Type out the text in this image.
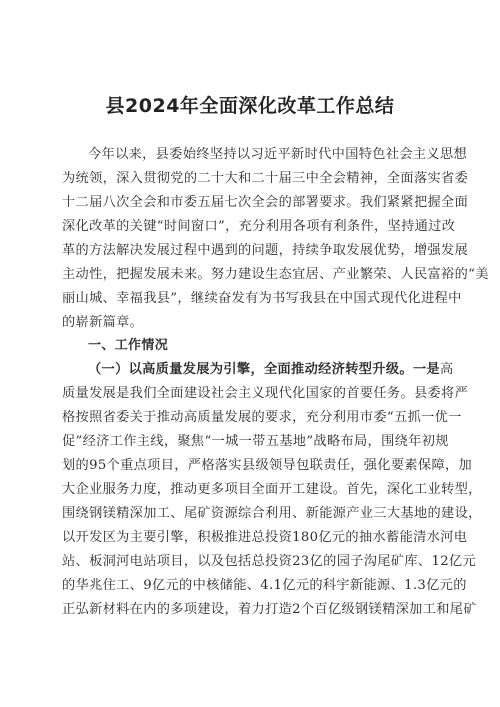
县2024年全面深化改革工作总结
今年以来，县委始终坚持以习近平新时代中国特色社会主义思想
为统领，深入贯彻党的二十大和二十届三中全会精神，全面落实省委
十二届八次全会和市委五届七次全会的部署要求。我们紧紧把握全面
深化改革的关键“时间窗口”，充分利用各项有利条件，坚持通过改
革的方法解决发展过程中遇到的问题，持续争取发展优势，增强发展
主动性，把握发展未来。努力建设生态宜居、产业繁荣、人民富裕的“美
丽山城、幸福我县”，继续奋发有为书写我县在中国式现代化进程中
的崭新篇章。
一、工作情况
（一）以高质量发展为引擎，全面推动经济转型升级。一是高
质量发展是我们全面建设社会主义现代化国家的首要任务。县委将严
格按照省委关于推动高质量发展的要求，充分利用市委“五抓一优一
促”经济工作主线，聚焦“一城一带五基地”战略布局，围绕年初规
划的95个重点项目，严格落实县级领导包联责任，强化要素保障，加
大企业服务力度，推动更多项目全面开工建设。首先，深化工业转型，
围绕钢镁精深加工、尾矿资源综合利用、新能源产业三大基地的建设，
以开发区为主要引擎，积极推进总投资180亿元的抽水蓄能清水河电
站、板洞河电站项目，以及包括总投资23亿的园子沟尾矿库、12亿元
的华兆住工、9亿元的中核储能、4.1亿元的科宇新能源、1.3亿元的
正弘新材料在内的多项建设，着力打造2个百亿级钢镁精深加工和尾矿
